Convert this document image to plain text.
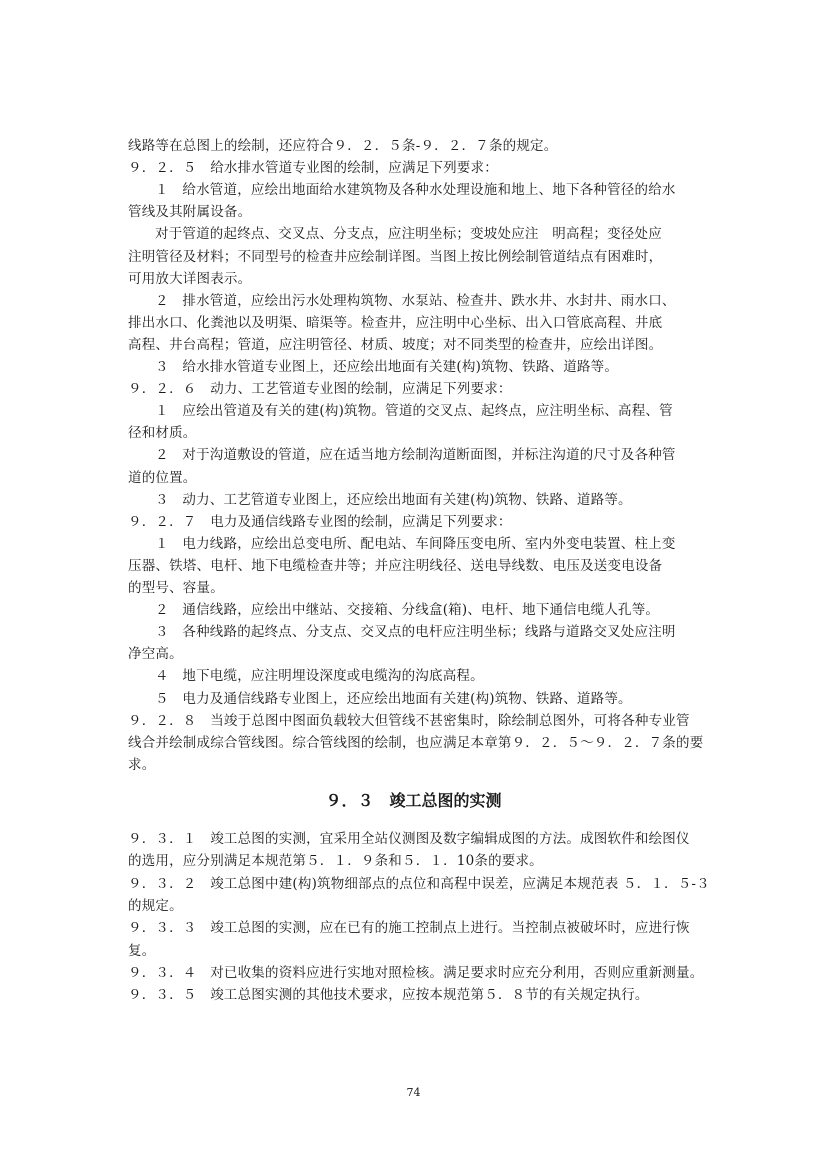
线路等在总图上的绘制，还应符合９．２．５条-９．２．７条的规定。
９．２．５　给水排水管道专业图的绘制，应满足下列要求：
１　给水管道，应绘出地面给水建筑物及各种水处理设施和地上、地下各种管径的给水
管线及其附属设备。
对于管道的起终点、交叉点、分支点，应注明坐标；变坡处应注　明高程；变径处应
注明管径及材料；不同型号的检查井应绘制详图。当图上按比例绘制管道结点有困难时，
可用放大详图表示。
２　排水管道，应绘出污水处理构筑物、水泵站、检查井、跌水井、水封井、雨水口、
排出水口、化粪池以及明渠、暗渠等。检查井，应注明中心坐标、出入口管底高程、井底
高程、井台高程；管道，应注明管径、材质、坡度；对不同类型的检查井，应绘出详图。
３　给水排水管道专业图上，还应绘出地面有关建(构)筑物、铁路、道路等。
９．２．６　动力、工艺管道专业图的绘制，应满足下列要求：
１　应绘出管道及有关的建(构)筑物。管道的交叉点、起终点，应注明坐标、高程、管
径和材质。
２　对于沟道敷设的管道，应在适当地方绘制沟道断面图，并标注沟道的尺寸及各种管
道的位置。
３　动力、工艺管道专业图上，还应绘出地面有关建(构)筑物、铁路、道路等。
９．２．７　电力及通信线路专业图的绘制，应满足下列要求：
１　电力线路，应绘出总变电所、配电站、车间降压变电所、室内外变电装置、柱上变
压器、铁塔、电杆、地下电缆检查井等；并应注明线径、送电导线数、电压及送变电设备
的型号、容量。
２　通信线路，应绘出中继站、交接箱、分线盒(箱)、电杆、地下通信电缆人孔等。
３　各种线路的起终点、分支点、交叉点的电杆应注明坐标；线路与道路交叉处应注明
净空高。
４　地下电缆，应注明埋设深度或电缆沟的沟底高程。
５　电力及通信线路专业图上，还应绘出地面有关建(构)筑物、铁路、道路等。
９．２．８　当竣于总图中图面负载较大但管线不甚密集时，除绘制总图外，可将各种专业管
线合并绘制成综合管线图。综合管线图的绘制，也应满足本章第９．２．５～９．２．７条的要
求。
９．３　竣工总图的实测
９．３．１　竣工总图的实测，宜采用全站仪测图及数字编辑成图的方法。成图软件和绘图仪
的选用，应分别满足本规范第５．１．９条和５．１．10条的要求。
９．３．２　竣工总图中建(构)筑物细部点的点位和高程中误差，应满足本规范表 ５．１．５-３
的规定。
９．３．３　竣工总图的实测，应在已有的施工控制点上进行。当控制点被破坏时，应进行恢
复。
９．３．４　对已收集的资料应进行实地对照检核。满足要求时应充分利用，否则应重新测量。
９．３．５　竣工总图实测的其他技术要求，应按本规范第５．８节的有关规定执行。
74
